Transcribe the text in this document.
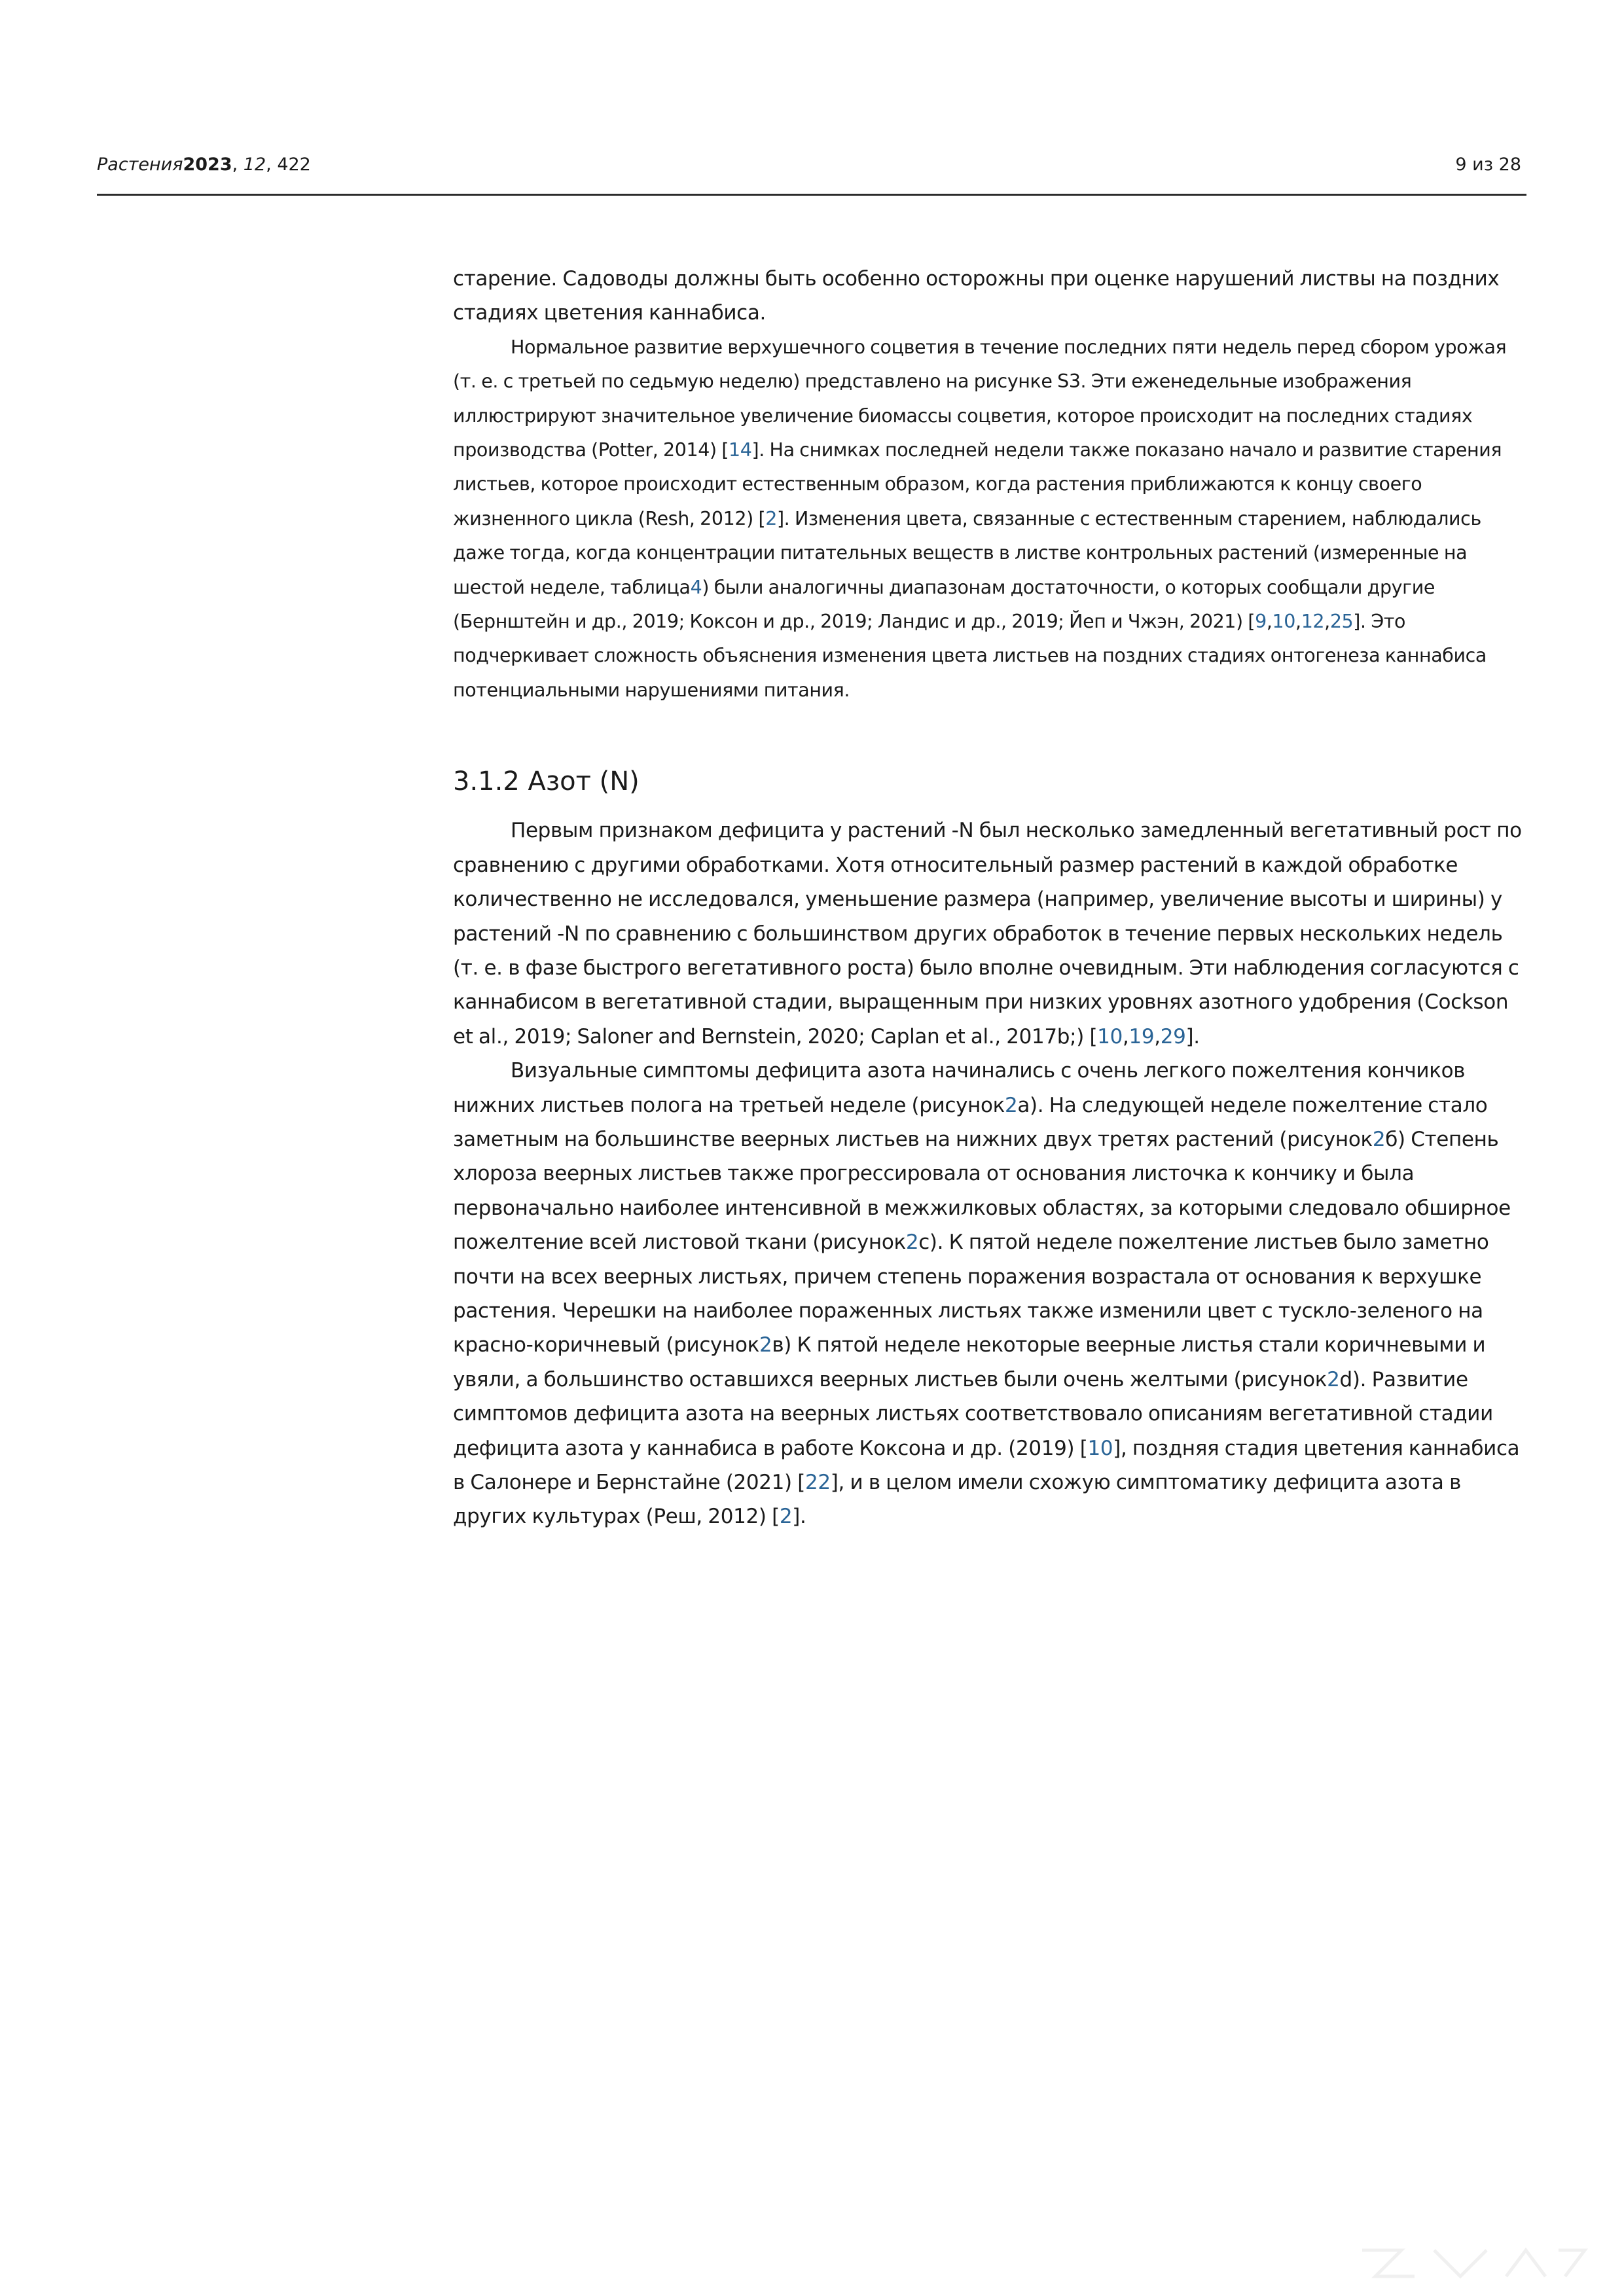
Растения2023, 12, 422	9 из 28

старение. Садоводы должны быть особенно осторожны при оценке нарушений листвы на поздних стадиях цветения каннабиса.

Нормальное развитие верхушечного соцветия в течение последних пяти недель перед сбором урожая (т. е. с третьей по седьмую неделю) представлено на рисунке S3. Эти еженедельные изображения иллюстрируют значительное увеличение биомассы соцветия, которое происходит на последних стадиях производства (Potter, 2014) [14]. На снимках последней недели также показано начало и развитие старения листьев, которое происходит естественным образом, когда растения приближаются к концу своего жизненного цикла (Resh, 2012) [2]. Изменения цвета, связанные с естественным старением, наблюдались даже тогда, когда концентрации питательных веществ в листве контрольных растений (измеренные на шестой неделе, таблица4) были аналогичны диапазонам достаточности, о которых сообщали другие (Бернштейн и др., 2019; Коксон и др., 2019; Ландис и др., 2019; Йеп и Чжэн, 2021) [9,10,12,25]. Это подчеркивает сложность объяснения изменения цвета листьев на поздних стадиях онтогенеза каннабиса потенциальными нарушениями питания.

3.1.2 Азот (N)

Первым признаком дефицита у растений -N был несколько замедленный вегетативный рост по сравнению с другими обработками. Хотя относительный размер растений в каждой обработке количественно не исследовался, уменьшение размера (например, увеличение высоты и ширины) у растений -N по сравнению с большинством других обработок в течение первых нескольких недель (т. е. в фазе быстрого вегетативного роста) было вполне очевидным. Эти наблюдения согласуются с каннабисом в вегетативной стадии, выращенным при низких уровнях азотного удобрения (Cockson et al., 2019; Saloner and Bernstein, 2020; Caplan et al., 2017b;) [10,19,29].

Визуальные симптомы дефицита азота начинались с очень легкого пожелтения кончиков нижних листьев полога на третьей неделе (рисунок2а). На следующей неделе пожелтение стало заметным на большинстве веерных листьев на нижних двух третях растений (рисунок2б) Степень хлороза веерных листьев также прогрессировала от основания листочка к кончику и была первоначально наиболее интенсивной в межжилковых областях, за которыми следовало обширное пожелтение всей листовой ткани (рисунок2с). К пятой неделе пожелтение листьев было заметно почти на всех веерных листьях, причем степень поражения возрастала от основания к верхушке растения. Черешки на наиболее пораженных листьях также изменили цвет с тускло-зеленого на красно-коричневый (рисунок2в) К пятой неделе некоторые веерные листья стали коричневыми и увяли, а большинство оставшихся веерных листьев были очень желтыми (рисунок2d). Развитие симптомов дефицита азота на веерных листьях соответствовало описаниям вегетативной стадии дефицита азота у каннабиса в работе Коксона и др. (2019) [10], поздняя стадия цветения каннабиса в Салонере и Бернстайне (2021) [22], и в целом имели схожую симптоматику дефицита азота в других культурах (Реш, 2012) [2].
